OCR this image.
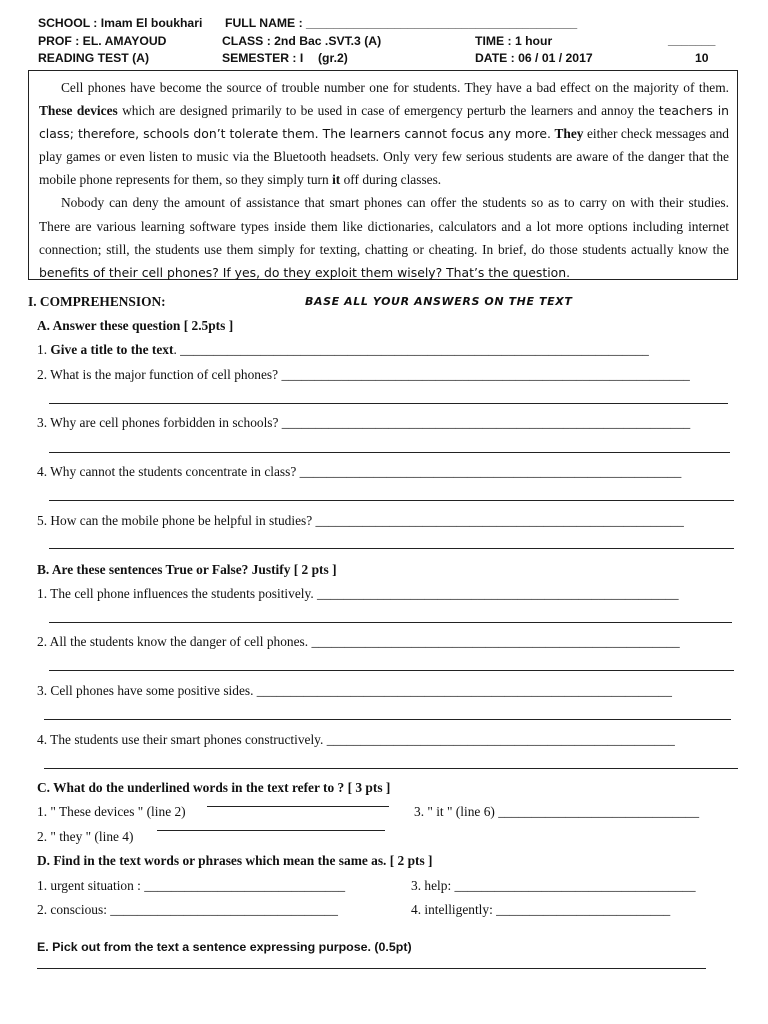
SCHOOL : Imam El boukhari FULL NAME : ________________________________________
PROF : EL. AMAYOUD	CLASS : 2nd Bac .SVT.3 (A)	TIME : 1 hour	_______
READING TEST (A)	SEMESTER : I (gr.2)	DATE : 06 / 01 / 2017	10

Cell phones have become the source of trouble number one for students. They have a bad effect on the majority of them. These devices which are designed primarily to be used in case of emergency perturb the learners and annoy the teachers in class; therefore, schools don’t tolerate them. The learners cannot focus any more. They either check messages and play games or even listen to music via the Bluetooth headsets. Only very few serious students are aware of the danger that the mobile phone represents for them, so they simply turn it off during classes.

Nobody can deny the amount of assistance that smart phones can offer the students so as to carry on with their studies. There are various learning software types inside them like dictionaries, calculators and a lot more options including internet connection; still, the students use them simply for texting, chatting or cheating. In brief, do those students actually know the benefits of their cell phones? If yes, do they exploit them wisely? That’s the question.

I. COMPREHENSION:	BASE ALL YOUR ANSWERS ON THE TEXT
A. Answer these question [ 2.5pts ]
1. Give a title to the text. ______________________________________________________________________
2. What is the major function of cell phones? _____________________________________________________________
3. Why are cell phones forbidden in schools? _____________________________________________________________
4. Why cannot the students concentrate in class? _________________________________________________________
5. How can the mobile phone be helpful in studies? _______________________________________________________
B. Are these sentences True or False? Justify [ 2 pts ]
1. The cell phone influences the students positively. ______________________________________________________
2. All the students know the danger of cell phones. _______________________________________________________
3. Cell phones have some positive sides. ______________________________________________________________
4. The students use their smart phones constructively. ____________________________________________________
C. What do the underlined words in the text refer to ? [ 3 pts ]
1. " These devices " (line 2)	3. " it " (line 6) ______________________________
2. " they " (line 4)
D. Find in the text words or phrases which mean the same as. [ 2 pts ]
1. urgent situation : ______________________________	3. help: ____________________________________
2. conscious: __________________________________	4. intelligently: __________________________
E. Pick out from the text a sentence expressing purpose. (0.5pt)
